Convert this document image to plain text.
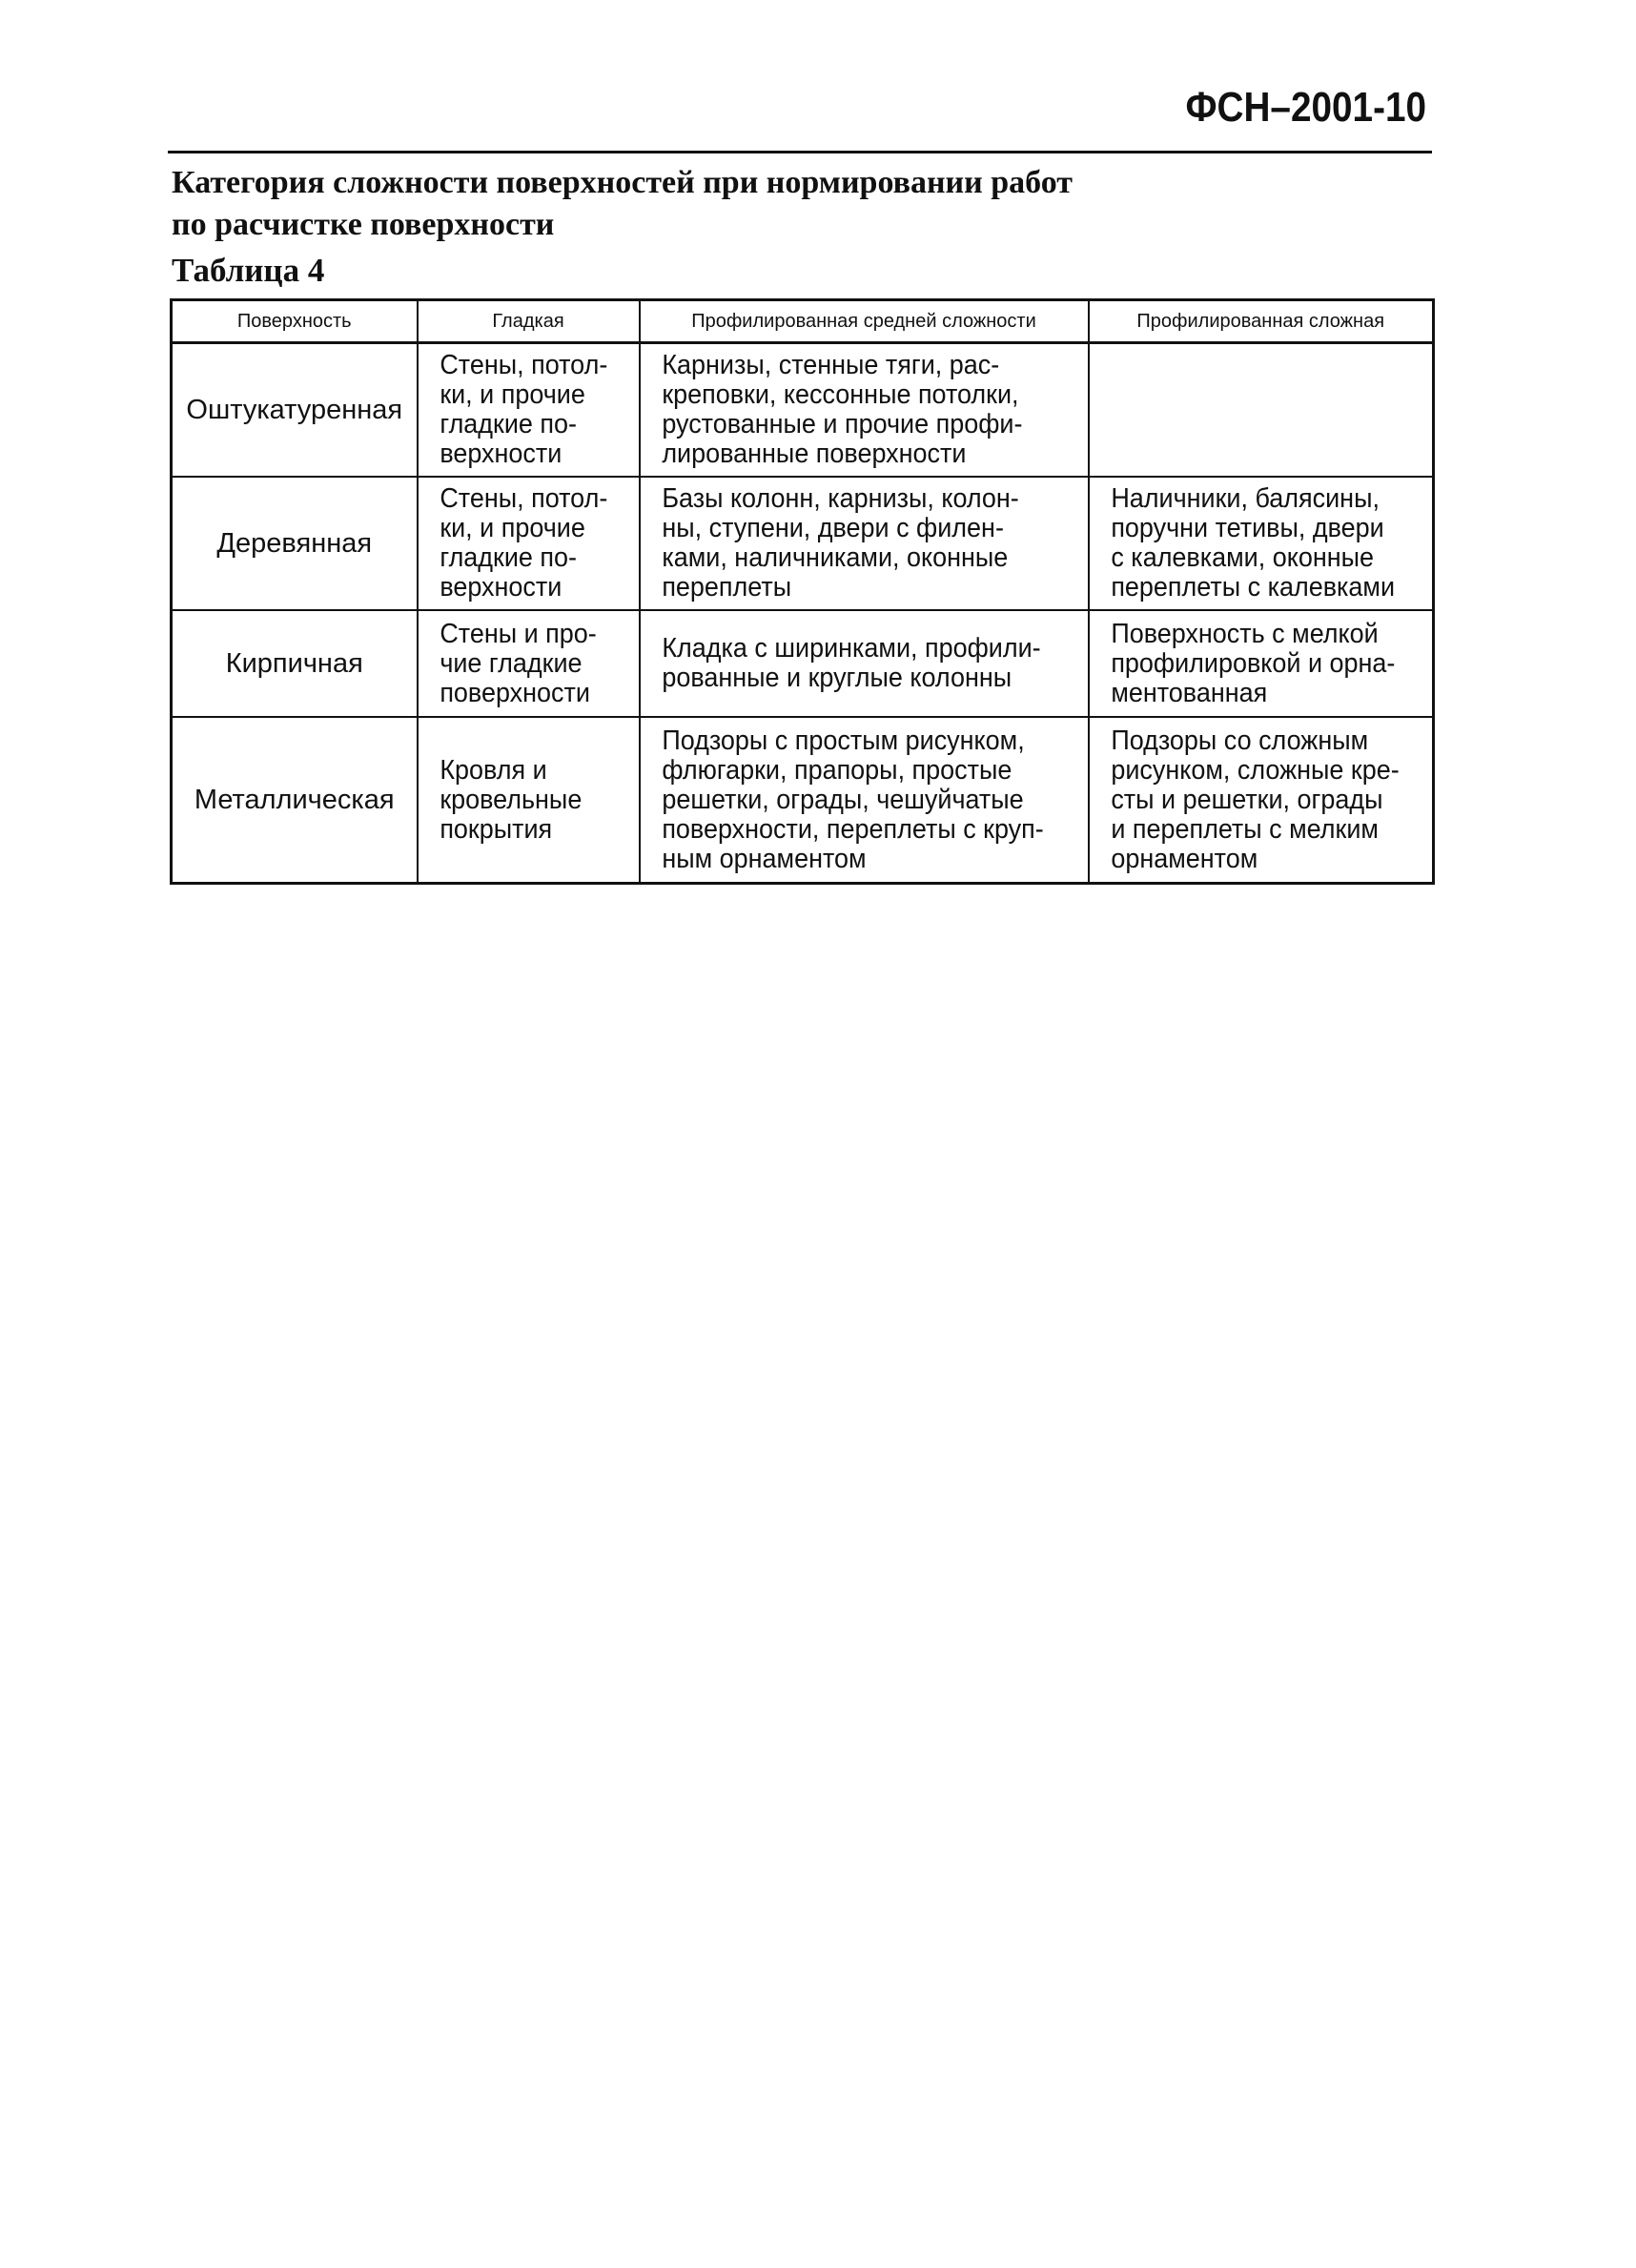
ФСН–2001-10
Категория сложности поверхностей при нормировании работ
по расчистке поверхности
Таблица 4
Поверхность	Гладкая	Профилированная средней сложности	Профилированная сложная

Оштукатуренная	Стены, потол-
ки, и прочие
гладкие по-
верхности	Карнизы, стенные тяги, рас-
креповки, кессонные потолки,
рустованные и прочие профи-
лированные поверхности	

Деревянная	Стены, потол-
ки, и прочие
гладкие по-
верхности	Базы колонн, карнизы, колон-
ны, ступени, двери с филен-
ками, наличниками, оконные
переплеты	Наличники, балясины,
поручни тетивы, двери
с калевками, оконные
переплеты с калевками

Кирпичная	Стены и про-
чие гладкие
поверхности	Кладка с ширинками, профили-
рованные и круглые колонны	Поверхность с мелкой
профилировкой и орна-
ментованная

Металлическая	Кровля и
кровельные
покрытия	Подзоры с простым рисунком,
флюгарки, прапоры, простые
решетки, ограды, чешуйчатые
поверхности, переплеты с круп-
ным орнаментом	Подзоры со сложным
рисунком, сложные кре-
сты и решетки, ограды
и переплеты с мелким
орнаментом
